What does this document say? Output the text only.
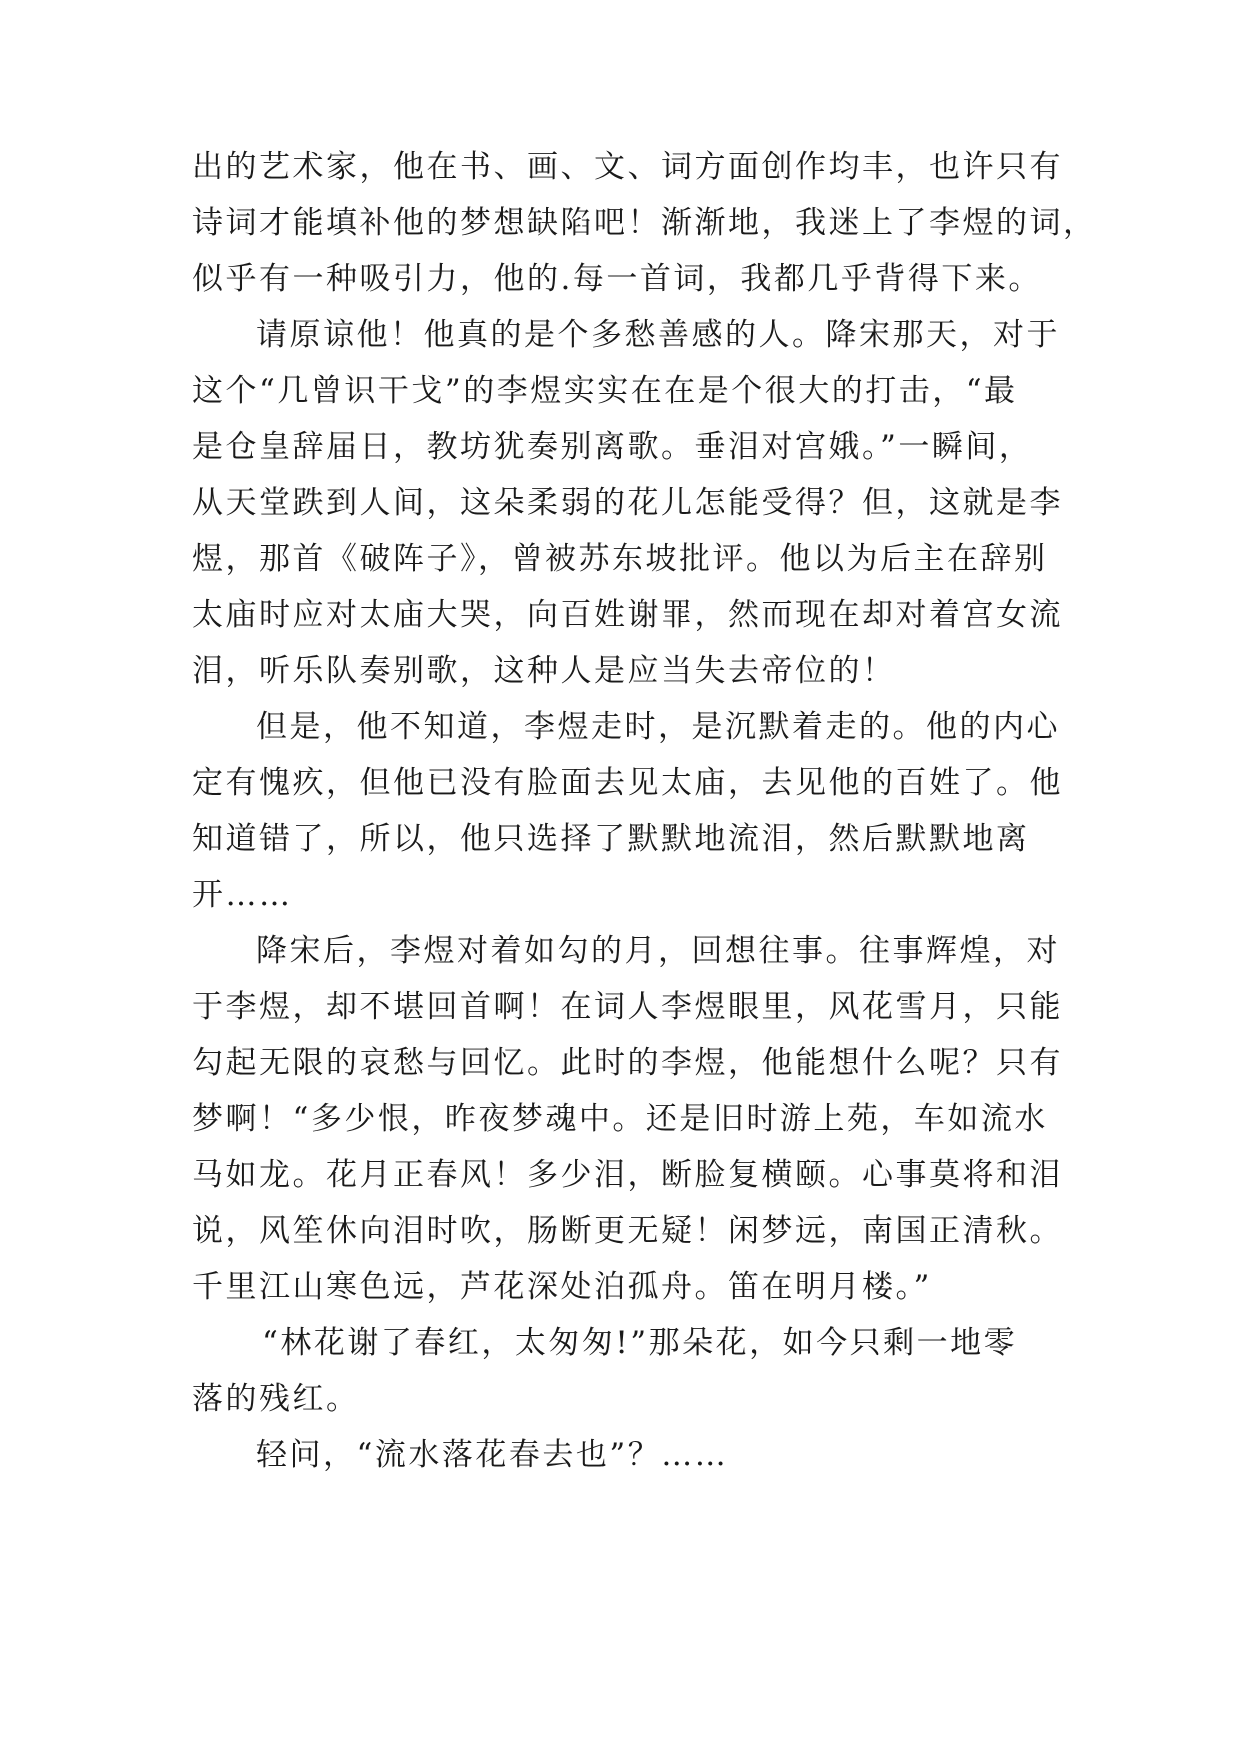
出的艺术家，他在书、画、文、词方面创作均丰，也许只有
诗词才能填补他的梦想缺陷吧！渐渐地，我迷上了李煜的词，
似乎有一种吸引力，他的.每一首词，我都几乎背得下来。
请原谅他！他真的是个多愁善感的人。降宋那天，对于
这个“几曾识干戈”的李煜实实在在是个很大的打击，“最
是仓皇辞届日，教坊犹奏别离歌。垂泪对宫娥。”一瞬间，
从天堂跌到人间，这朵柔弱的花儿怎能受得？但，这就是李
煜，那首《破阵子》，曾被苏东坡批评。他以为后主在辞别
太庙时应对太庙大哭，向百姓谢罪，然而现在却对着宫女流
泪，听乐队奏别歌，这种人是应当失去帝位的！
但是，他不知道，李煜走时，是沉默着走的。他的内心
定有愧疚，但他已没有脸面去见太庙，去见他的百姓了。他
知道错了，所以，他只选择了默默地流泪，然后默默地离
开……
降宋后，李煜对着如勾的月，回想往事。往事辉煌，对
于李煜，却不堪回首啊！在词人李煜眼里，风花雪月，只能
勾起无限的哀愁与回忆。此时的李煜，他能想什么呢？只有
梦啊！“多少恨，昨夜梦魂中。还是旧时游上苑，车如流水
马如龙。花月正春风！多少泪，断脸复横颐。心事莫将和泪
说，风笙休向泪时吹，肠断更无疑！闲梦远，南国正清秋。
千里江山寒色远，芦花深处泊孤舟。笛在明月楼。”
“林花谢了春红，太匆匆!”那朵花，如今只剩一地零
落的残红。
轻问，“流水落花春去也”？……
